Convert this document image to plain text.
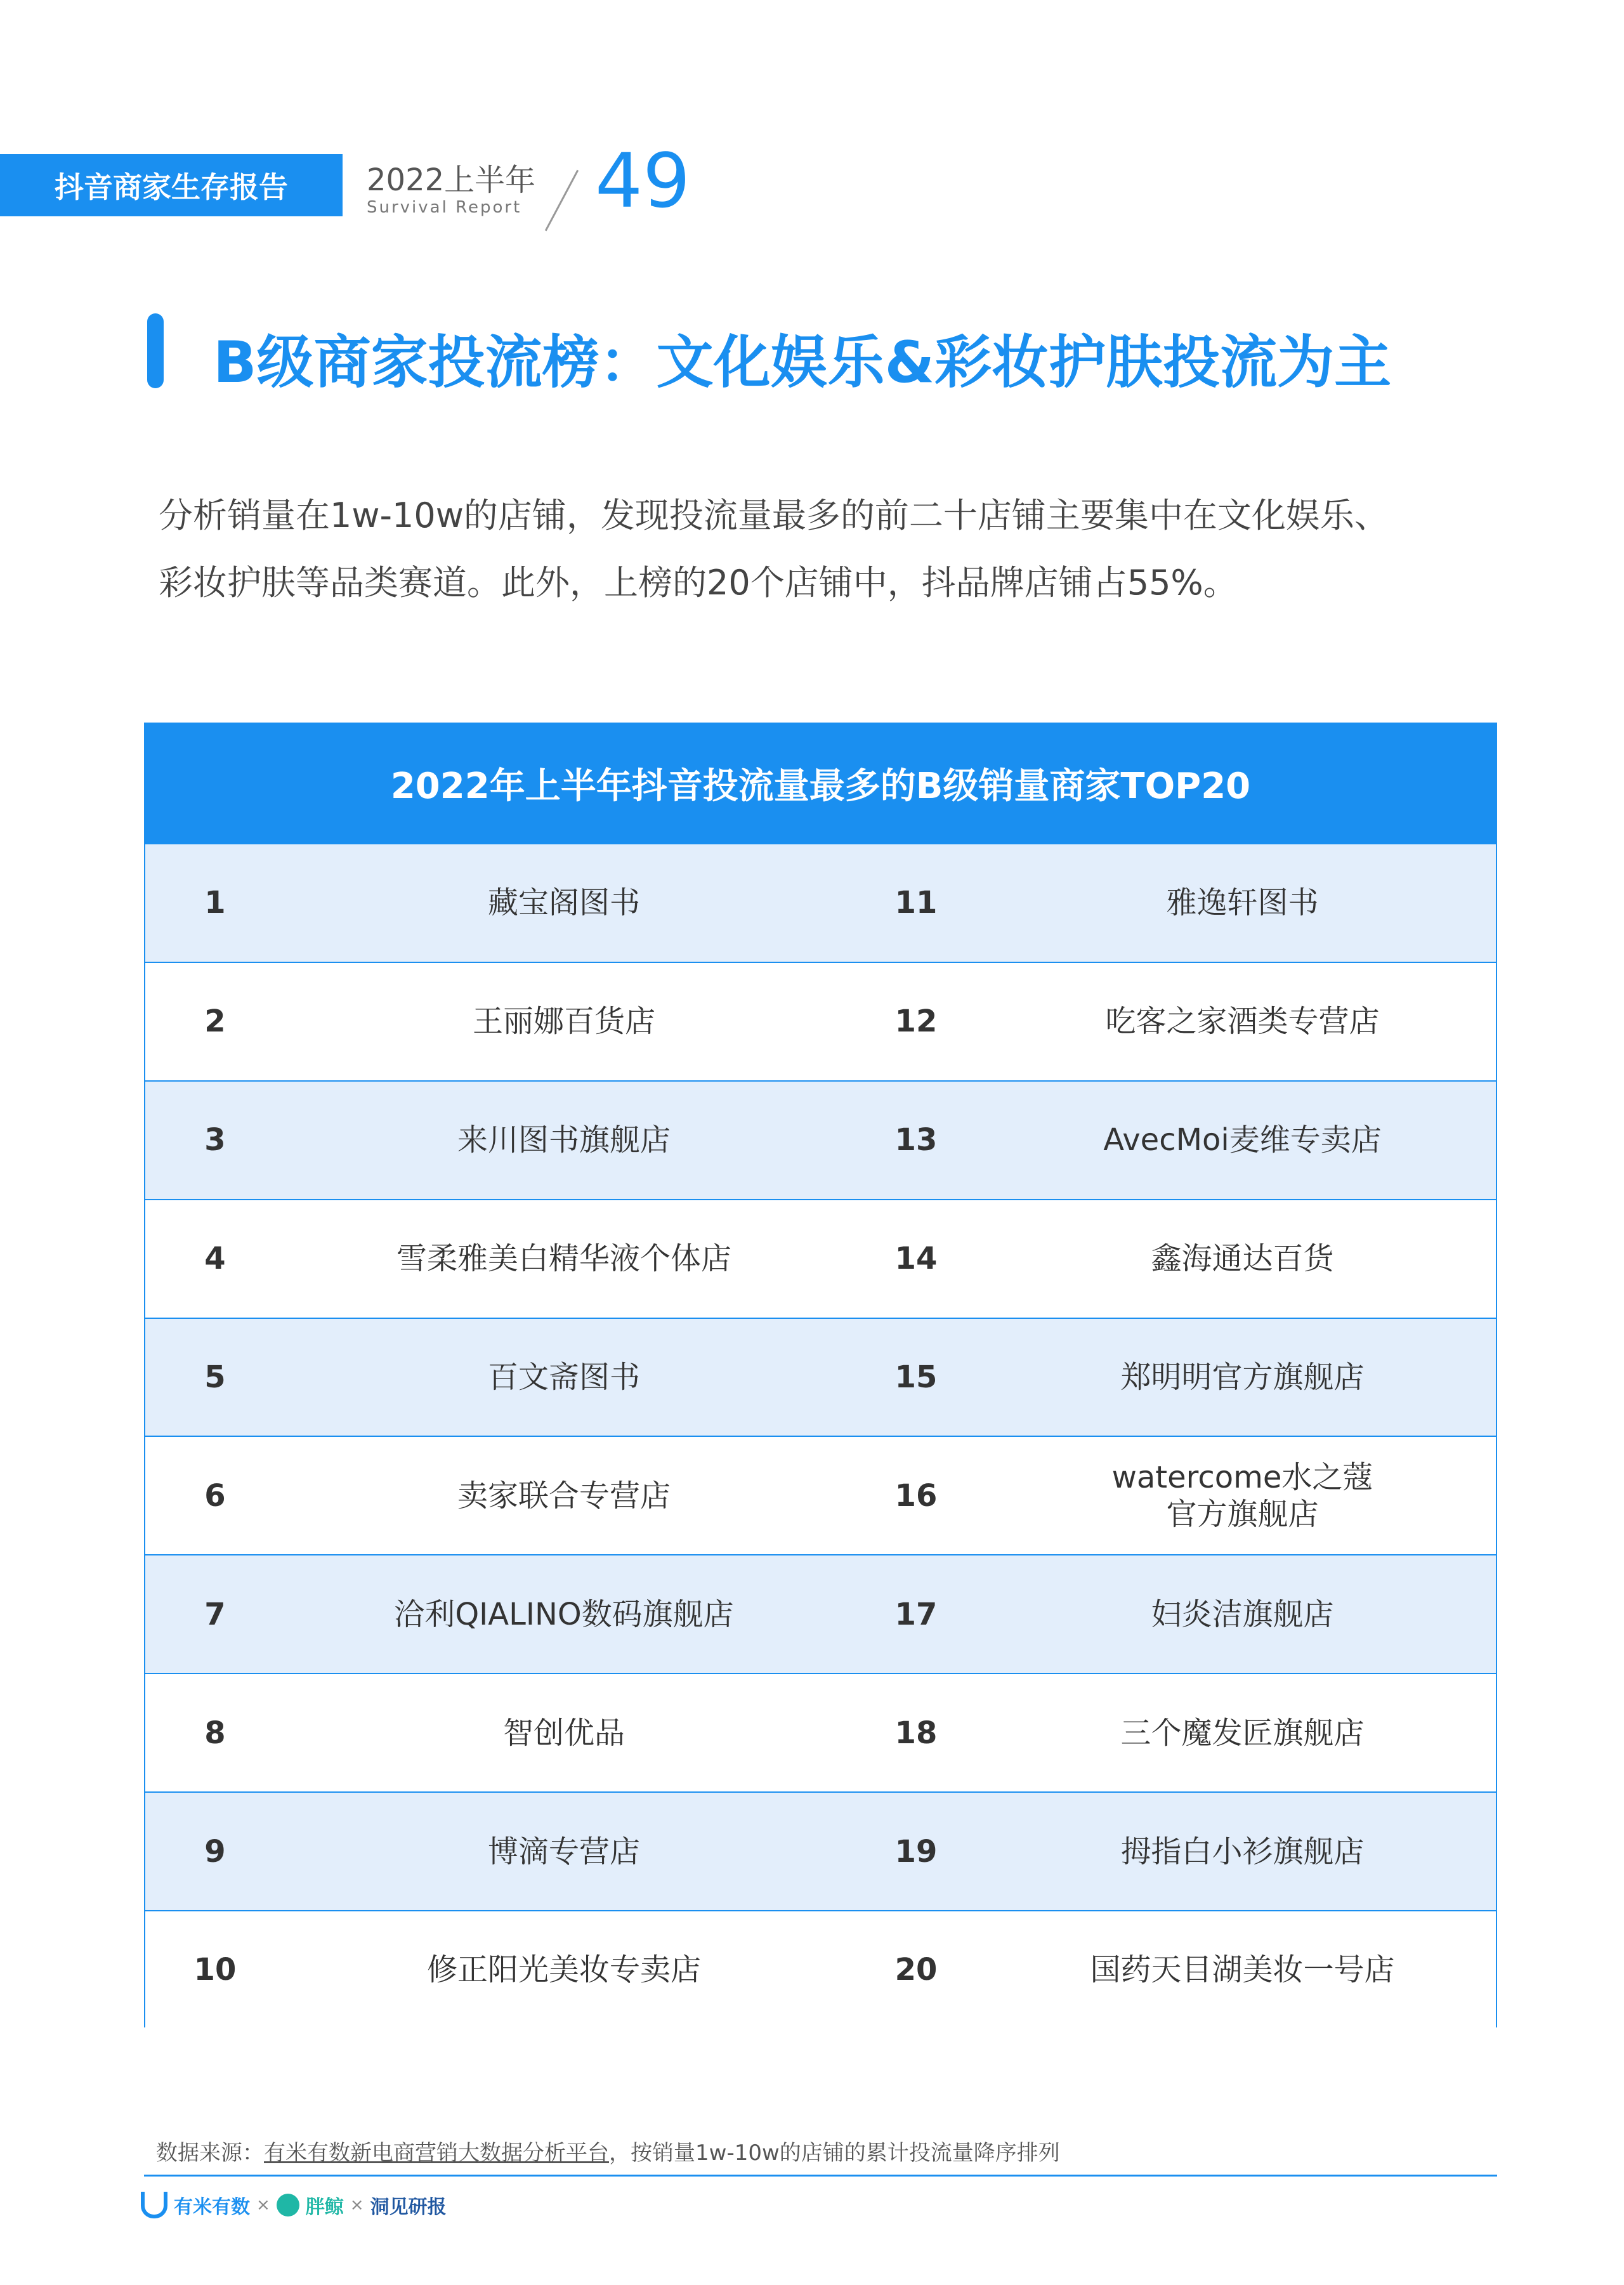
抖音商家生存报告	2022上半年
Survival Report 49
B级商家投流榜：文化娱乐&彩妆护肤投流为主

分析销量在1w-10w的店铺，发现投流量最多的前二十店铺主要集中在文化娱乐、

彩妆护肤等品类赛道。此外，上榜的20个店铺中，抖品牌店铺占55%。

2022年上半年抖音投流量最多的B级销量商家TOP20
1	藏宝阁图书	11	雅逸轩图书
2	王丽娜百货店	12	吃客之家酒类专营店
3	来川图书旗舰店	13	AvecMoi麦维专卖店
4	雪柔雅美白精华液个体店	14	鑫海通达百货
5	百文斋图书	15	郑明明官方旗舰店
6	卖家联合专营店	16
watercome水之蔻
官方旗舰店
7	洽利QIALINO数码旗舰店	17	妇炎洁旗舰店
8	智创优品	18	三个魔发匠旗舰店
9	博滴专营店	19	拇指白小衫旗舰店
10	修正阳光美妆专卖店	20	国药天目湖美妆一号店
数据来源：有米有数新电商营销大数据分析平台，按销量1w-10w的店铺的累计投流量降序排列
有米有数 × 胖鲸 × 洞见研报
